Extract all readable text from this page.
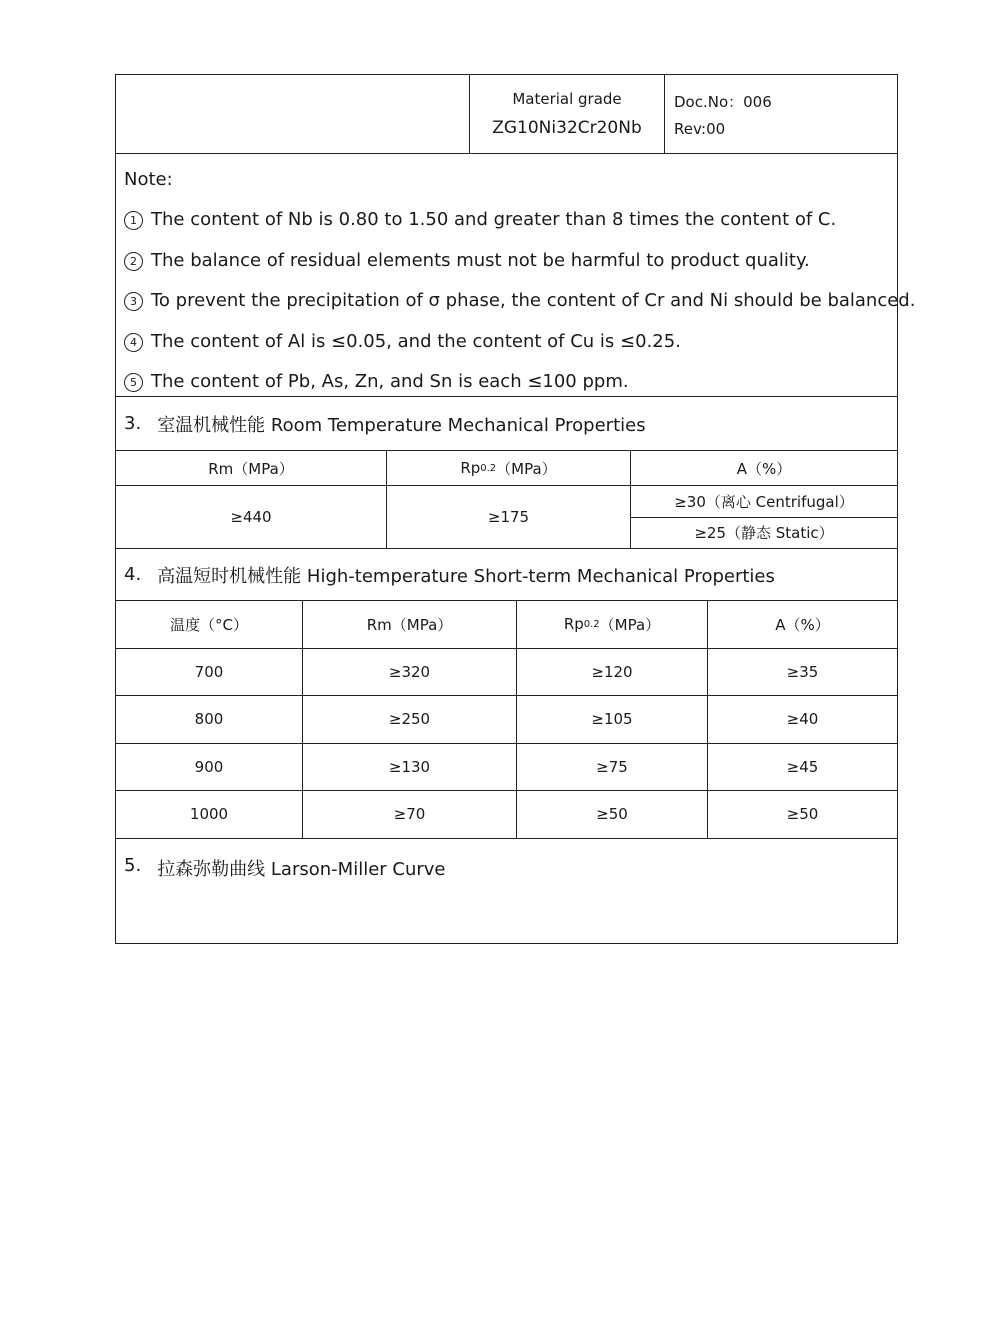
Material grade
ZG10Ni32Cr20Nb
Doc.No：006
Rev:00
Note:
1 The content of Nb is 0.80 to 1.50 and greater than 8 times the content of C.
2 The balance of residual elements must not be harmful to product quality.
3 To prevent the precipitation of σ phase, the content of Cr and Ni should be balanced.
4 The content of Al is ≤0.05, and the content of Cu is ≤0.25.
5 The content of Pb, As, Zn, and Sn is each ≤100 ppm.
3. 室温机械性能 Room Temperature Mechanical Properties
Rm（MPa）	Rp 0.2 （MPa）	A（%）
≥440	≥175
≥30（离心 Centrifugal）
≥25（静态 Static）
4. 高温短时机械性能 High-temperature Short-term Mechanical Properties
温度（°C）	Rm（MPa）	Rp 0.2 （MPa）	A（%）
700	≥320	≥120	≥35
800	≥250	≥105	≥40
900	≥130	≥75	≥45
1000	≥70	≥50	≥50
5. 拉森弥勒曲线 Larson-Miller Curve
